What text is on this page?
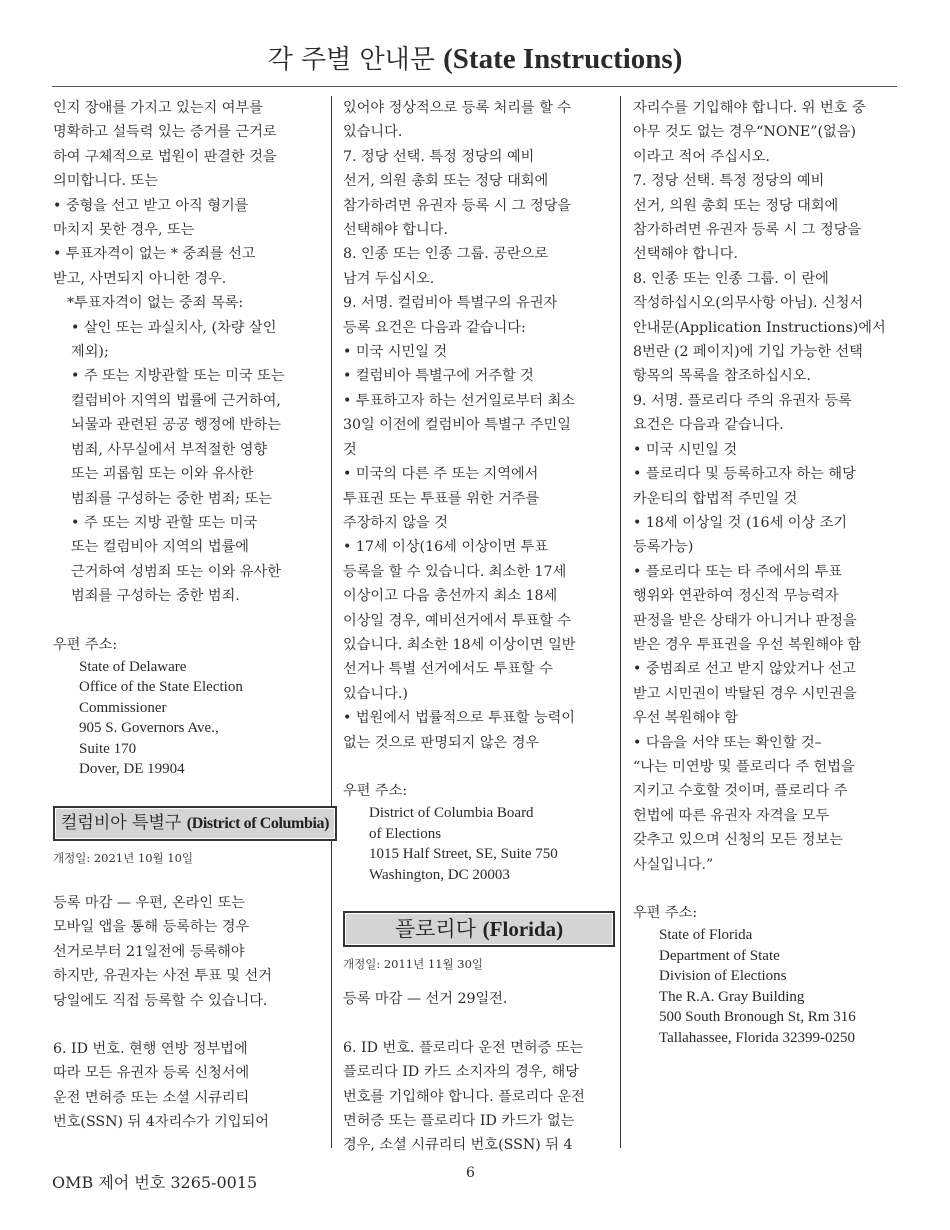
각 주별 안내문 (State Instructions)

인지 장애를 가지고 있는지 여부를

명확하고 설득력 있는 증거를 근거로

하여 구체적으로 법원이 판결한 것을

의미합니다. 또는

• 중형을 선고 받고 아직 형기를

마치지 못한 경우, 또는

• 투표자격이 없는 * 중죄를 선고

받고, 사면되지 아니한 경우.

*투표자격이 없는 중죄 목록:

• 살인 또는 과실치사, (차량 살인

제외);

• 주 또는 지방관할 또는 미국 또는

컬럼비아 지역의 법률에 근거하여,

뇌물과 관련된 공공 행정에 반하는

범죄, 사무실에서 부적절한 영향

또는 괴롭힘 또는 이와 유사한

범죄를 구성하는 중한 범죄; 또는

• 주 또는 지방 관할 또는 미국

또는 컬럼비아 지역의 법률에

근거하여 성범죄 또는 이와 유사한

범죄를 구성하는 중한 범죄.

우편 주소:

State of Delaware

Office of the State Election

Commissioner

905 S. Governors Ave.,

Suite 170

Dover, DE 19904

컬럼비아 특별구 (District of Columbia)

개정일: 2021년 10월 10일

등록 마감 — 우편, 온라인 또는

모바일 앱을 통해 등록하는 경우

선거로부터 21일전에 등록해야

하지만, 유권자는 사전 투표 및 선거

당일에도 직접 등록할 수 있습니다.

6. ID 번호. 현행 연방 정부법에

따라 모든 유권자 등록 신청서에

운전 면허증 또는 소셜 시큐리티

번호(SSN) 뒤 4자리수가 기입되어

있어야 정상적으로 등록 처리를 할 수

있습니다.

7. 정당 선택. 특정 정당의 예비

선거, 의원 총회 또는 정당 대회에

참가하려면 유권자 등록 시 그 정당을

선택해야 합니다.

8. 인종 또는 인종 그룹. 공란으로

남겨 두십시오.

9. 서명. 컬럼비아 특별구의 유권자

등록 요건은 다음과 같습니다:

• 미국 시민일 것

• 컬럼비아 특별구에 거주할 것

• 투표하고자 하는 선거일로부터 최소

30일 이전에 컬럼비아 특별구 주민일

것

• 미국의 다른 주 또는 지역에서

투표권 또는 투표를 위한 거주를

주장하지 않을 것

• 17세 이상(16세 이상이면 투표

등록을 할 수 있습니다. 최소한 17세

이상이고 다음 총선까지 최소 18세

이상일 경우, 예비선거에서 투표할 수

있습니다. 최소한 18세 이상이면 일반

선거나 특별 선거에서도 투표할 수

있습니다.)

• 법원에서 법률적으로 투표할 능력이

없는 것으로 판명되지 않은 경우

우편 주소:

District of Columbia Board

of Elections

1015 Half Street, SE, Suite 750

Washington, DC 20003

플로리다 (Florida)

개정일: 2011년 11월 30일

등록 마감 — 선거 29일전.

6. ID 번호. 플로리다 운전 면허증 또는

플로리다 ID 카드 소지자의 경우, 해당

번호를 기입해야 합니다. 플로리다 운전

면허증 또는 플로리다 ID 카드가 없는

경우, 소셜 시큐리티 번호(SSN) 뒤 4

자리수를 기입해야 합니다. 위 번호 중

아무 것도 없는 경우“NONE”(없음)

이라고 적어 주십시오.

7. 정당 선택. 특정 정당의 예비

선거, 의원 총회 또는 정당 대회에

참가하려면 유권자 등록 시 그 정당을

선택해야 합니다.

8. 인종 또는 인종 그룹. 이 란에

작성하십시오(의무사항 아님). 신청서

안내문(Application Instructions)에서

8번란 (2 페이지)에 기입 가능한 선택

항목의 목록을 참조하십시오.

9. 서명. 플로리다 주의 유권자 등록

요건은 다음과 같습니다.

• 미국 시민일 것

• 플로리다 및 등록하고자 하는 해당

카운티의 합법적 주민일 것

• 18세 이상일 것 (16세 이상 조기

등록가능)

• 플로리다 또는 타 주에서의 투표

행위와 연관하여 정신적 무능력자

판정을 받은 상태가 아니거나 판정을

받은 경우 투표권을 우선 복원해야 함

• 중범죄로 선고 받지 않았거나 선고

받고 시민권이 박탈된 경우 시민권을

우선 복원해야 함

• 다음을 서약 또는 확인할 것–

“나는 미연방 및 플로리다 주 헌법을

지키고 수호할 것이며, 플로리다 주

헌법에 따른 유권자 자격을 모두

갖추고 있으며 신청의 모든 정보는

사실입니다.”

우편 주소:

State of Florida

Department of State

Division of Elections

The R.A. Gray Building

500 South Bronough St, Rm 316

Tallahassee, Florida 32399-0250

OMB 제어 번호 3265-0015	6
